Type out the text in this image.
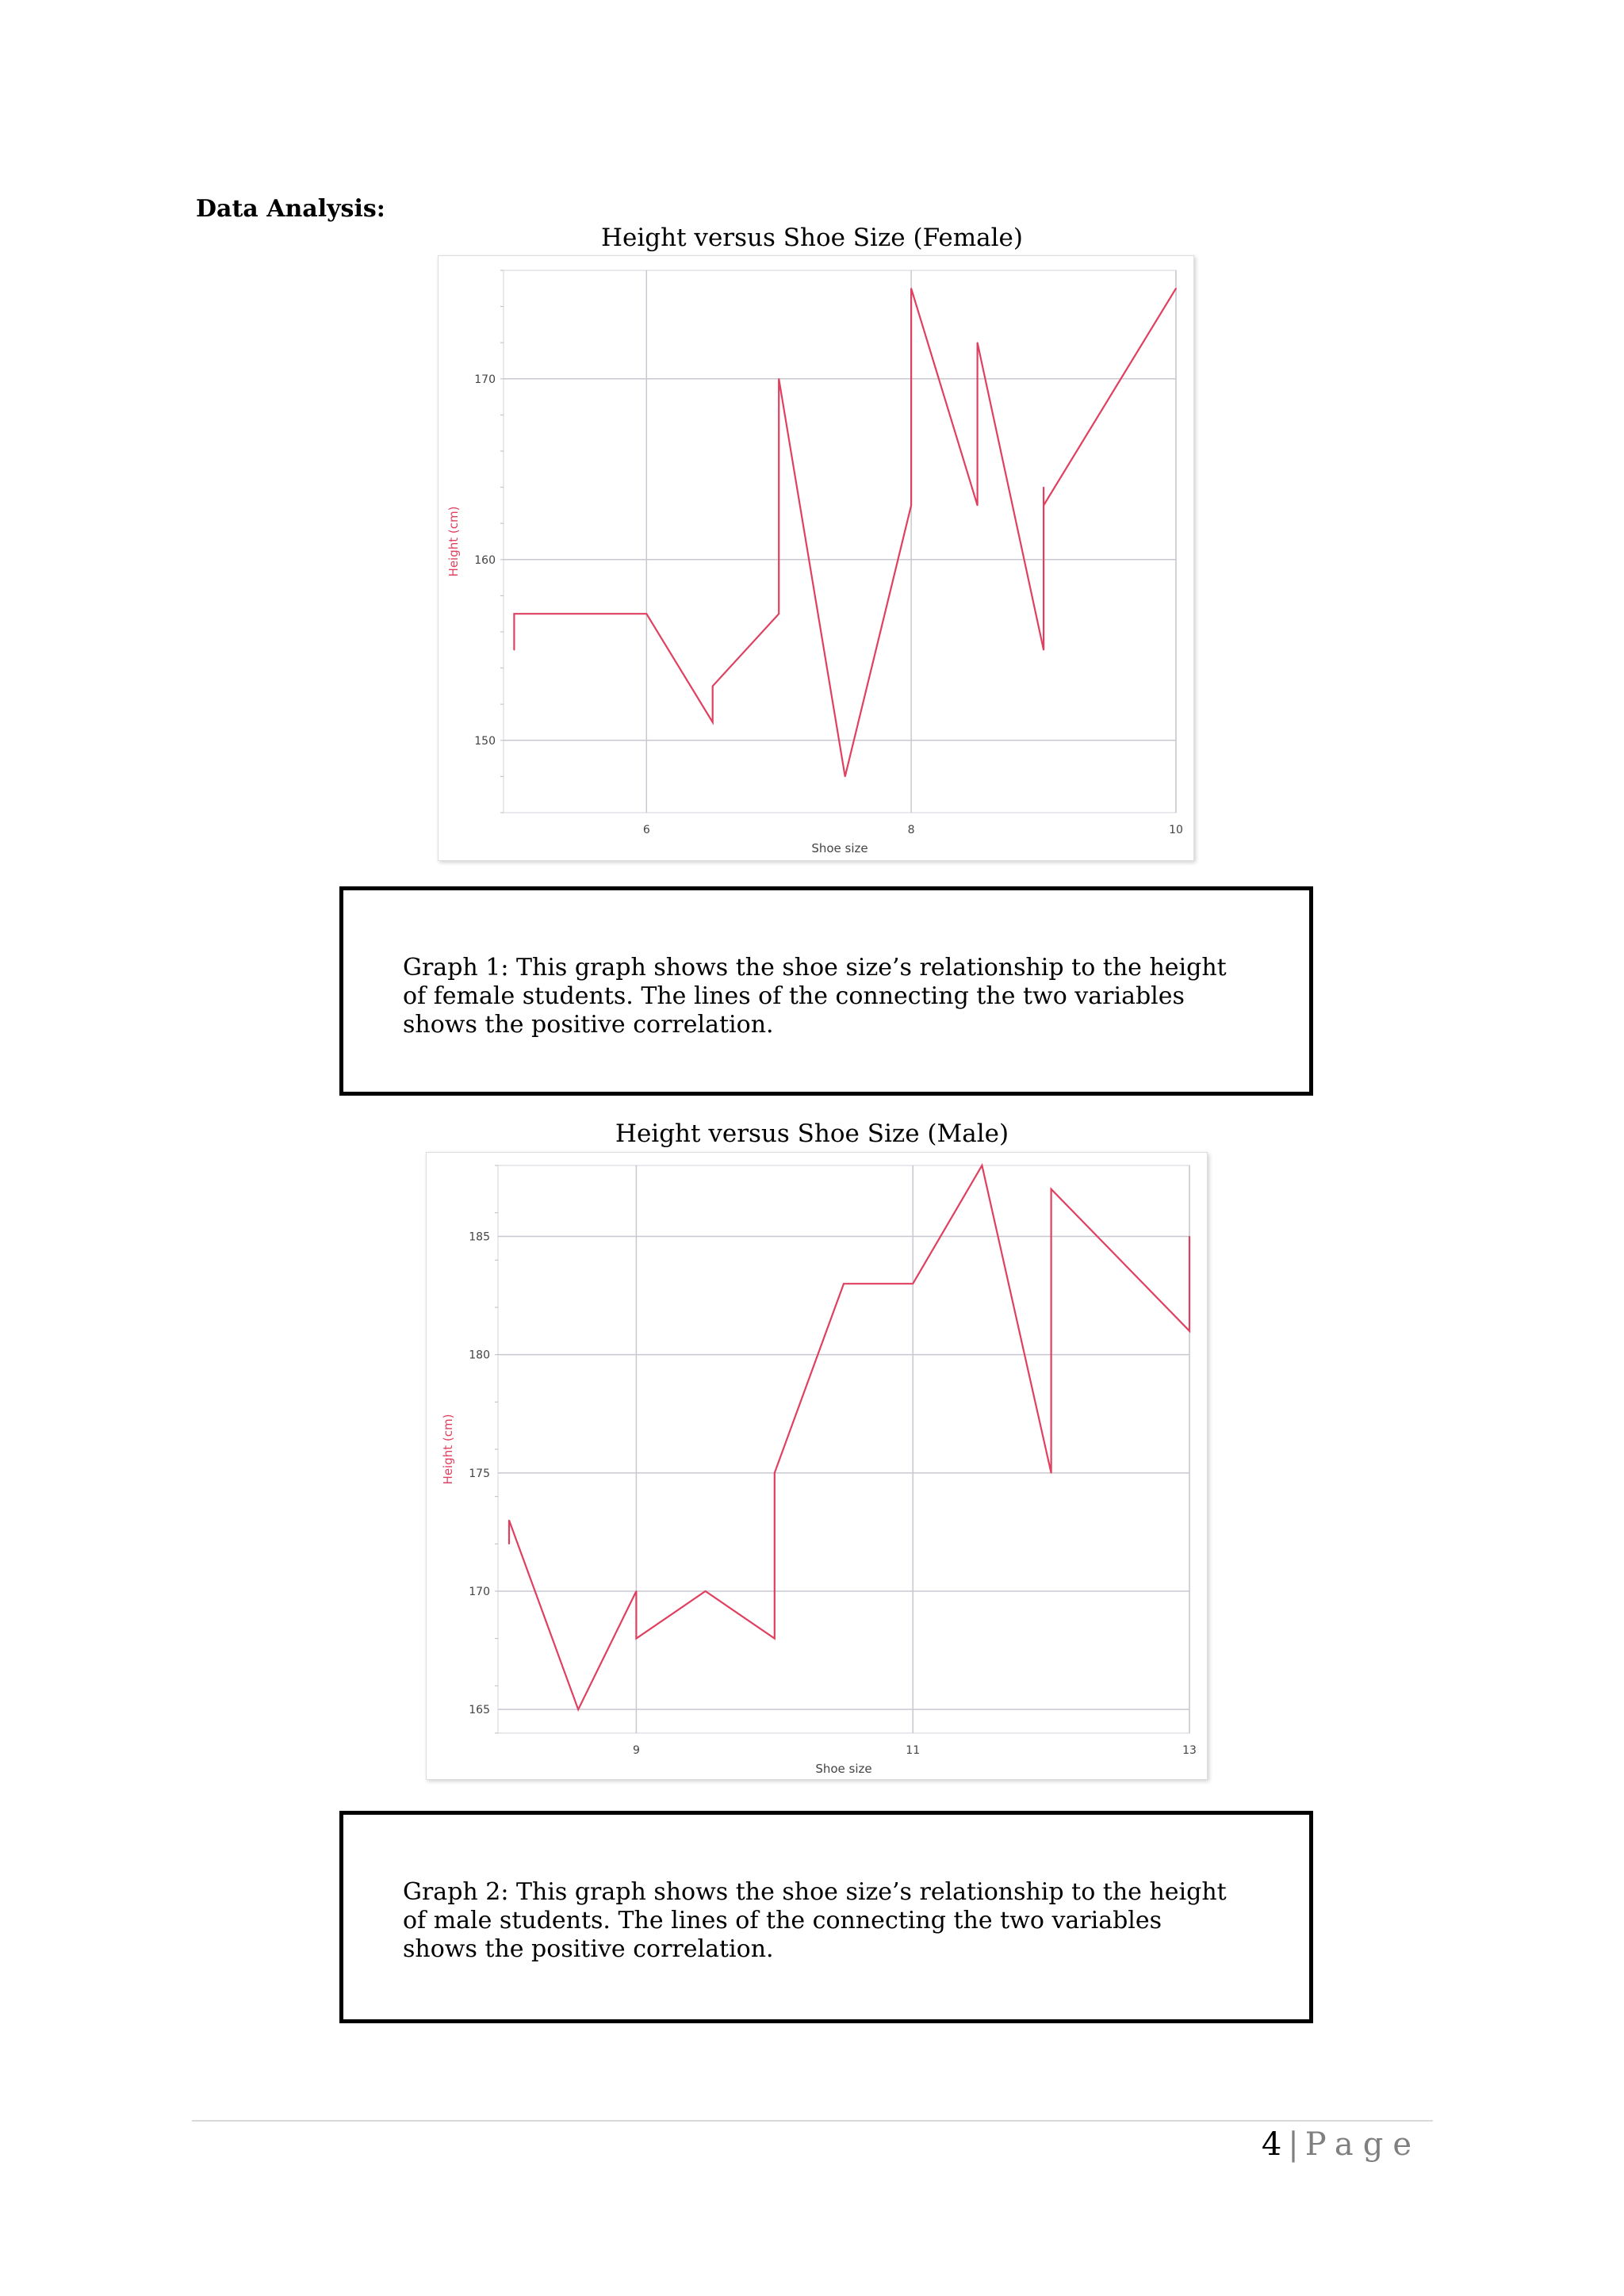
Data Analysis:
Height versus Shoe Size (Female)
6	8	10
150
160
170
Shoe size
Height (cm)

Graph 1: This graph shows the shoe size’s relationship to the height of female students. The lines of the connecting the two variables shows the positive correlation.

Height versus Shoe Size (Male)
9	11	13
165
170
175
180
185
Shoe size
Height (cm)

Graph 2: This graph shows the shoe size’s relationship to the height of male students. The lines of the connecting the two variables shows the positive correlation.

4 | Page
